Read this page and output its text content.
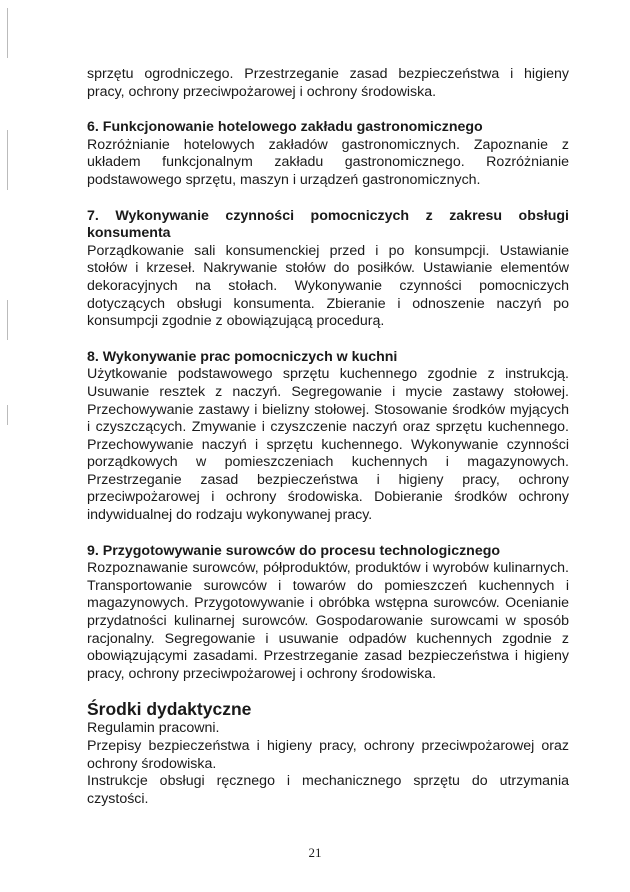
sprzętu ogrodniczego. Przestrzeganie zasad bezpieczeństwa i higieny pracy, ochrony przeciwpożarowej i ochrony środowiska.

6. Funkcjonowanie hotelowego zakładu gastronomicznego

Rozróżnianie hotelowych zakładów gastronomicznych. Zapoznanie z układem funkcjonalnym zakładu gastronomicznego. Rozróżnianie podstawowego sprzętu, maszyn i urządzeń gastronomicznych.

7. Wykonywanie czynności pomocniczych z zakresu obsługi konsumenta

Porządkowanie sali konsumenckiej przed i po konsumpcji. Ustawianie stołów i krzeseł. Nakrywanie stołów do posiłków. Ustawianie elementów dekoracyjnych na stołach. Wykonywanie czynności pomocniczych dotyczących obsługi konsumenta. Zbieranie i odnoszenie naczyń po konsumpcji zgodnie z obowiązującą procedurą.

8. Wykonywanie prac pomocniczych w kuchni

Użytkowanie podstawowego sprzętu kuchennego zgodnie z instrukcją. Usuwanie resztek z naczyń. Segregowanie i mycie zastawy stołowej. Przechowywanie zastawy i bielizny stołowej. Stosowanie środków myjących i czyszczących. Zmywanie i czyszczenie naczyń oraz sprzętu kuchennego. Przechowywanie naczyń i sprzętu kuchennego. Wykonywanie czynności porządkowych w pomieszczeniach kuchennych i magazynowych. Przestrzeganie zasad bezpieczeństwa i higieny pracy, ochrony przeciwpożarowej i ochrony środowiska. Dobieranie środków ochrony indywidualnej do rodzaju wykonywanej pracy.

9. Przygotowywanie surowców do procesu technologicznego

Rozpoznawanie surowców, półproduktów, produktów i wyrobów kulinarnych. Transportowanie surowców i towarów do pomieszczeń kuchennych i magazynowych. Przygotowywanie i obróbka wstępna surowców. Ocenianie przydatności kulinarnej surowców. Gospodarowanie surowcami w sposób racjonalny. Segregowanie i usuwanie odpadów kuchennych zgodnie z obowiązującymi zasadami. Przestrzeganie zasad bezpieczeństwa i higieny pracy, ochrony przeciwpożarowej i ochrony środowiska.

Środki dydaktyczne

Regulamin pracowni.

Przepisy bezpieczeństwa i higieny pracy, ochrony przeciwpożarowej oraz ochrony środowiska.

Instrukcje obsługi ręcznego i mechanicznego sprzętu do utrzymania czystości.

21
